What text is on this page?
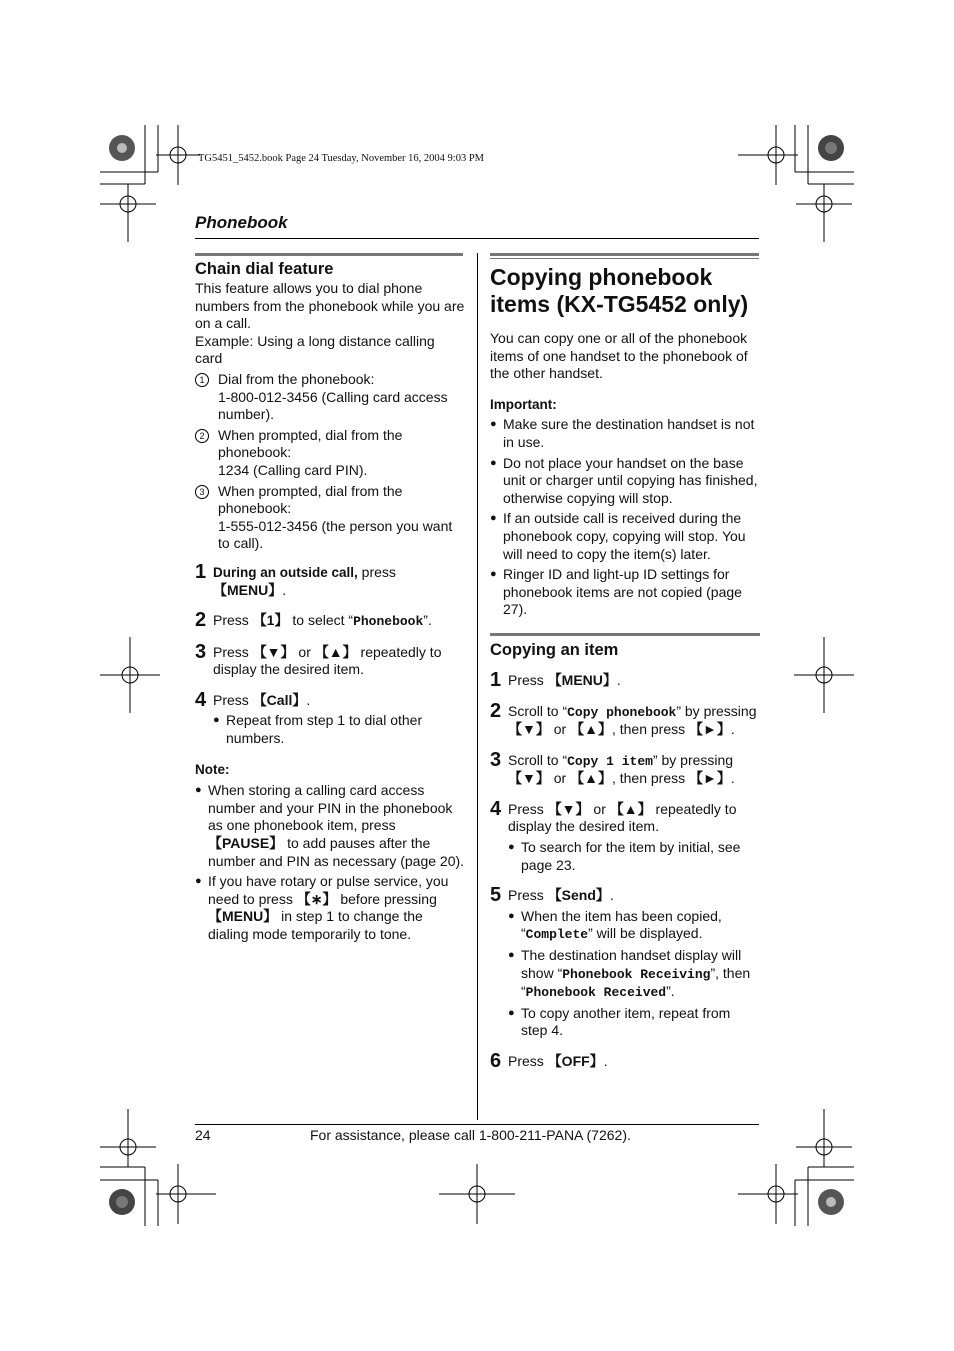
TG5451_5452.book Page 24 Tuesday, November 16, 2004 9:03 PM
Phonebook
Chain dial feature

This feature allows you to dial phone numbers from the phonebook while you are on a call.

Example: Using a long distance calling card

1 Dial from the phonebook:

1-800-012-3456 (Calling card access number).

2 When prompted, dial from the phonebook:

1234 (Calling card PIN).

3 When prompted, dial from the phonebook:

1-555-012-3456 (the person you want to call).

1 During an outside call, press 【MENU】.
2 Press 【1】 to select “Phonebook”.
3 Press 【▼】 or 【▲】 repeatedly to display the desired item.
4 Press 【Call】.

● Repeat from step 1 to dial other numbers.

Note:

● When storing a calling card access number and your PIN in the phonebook as one phonebook item, press 【PAUSE】 to add pauses after the number and PIN as necessary (page 20).
● If you have rotary or pulse service, you need to press 【∗】 before pressing 【MENU】 in step 1 to change the dialing mode temporarily to tone.
Copying phonebook items (KX-TG5452 only)

You can copy one or all of the phonebook items of one handset to the phonebook of the other handset.

Important:

● Make sure the destination handset is not in use.
● Do not place your handset on the base unit or charger until copying has finished, otherwise copying will stop.
● If an outside call is received during the phonebook copy, copying will stop. You will need to copy the item(s) later.
● Ringer ID and light-up ID settings for phonebook items are not copied (page 27).
Copying an item
1 Press 【MENU】.
2 Scroll to “Copy phonebook” by pressing 【▼】 or 【▲】, then press 【►】.
3 Scroll to “Copy 1 item” by pressing 【▼】 or 【▲】, then press 【►】.
4 Press 【▼】 or 【▲】 repeatedly to display the desired item.

● To search for the item by initial, see page 23.
5 Press 【Send】.

● When the item has been copied, “Complete” will be displayed.
● The destination handset display will show “Phonebook Receiving”, then “Phonebook Received”.
● To copy another item, repeat from step 4.
6 Press 【OFF】.
24	For assistance, please call 1-800-211-PANA (7262).
